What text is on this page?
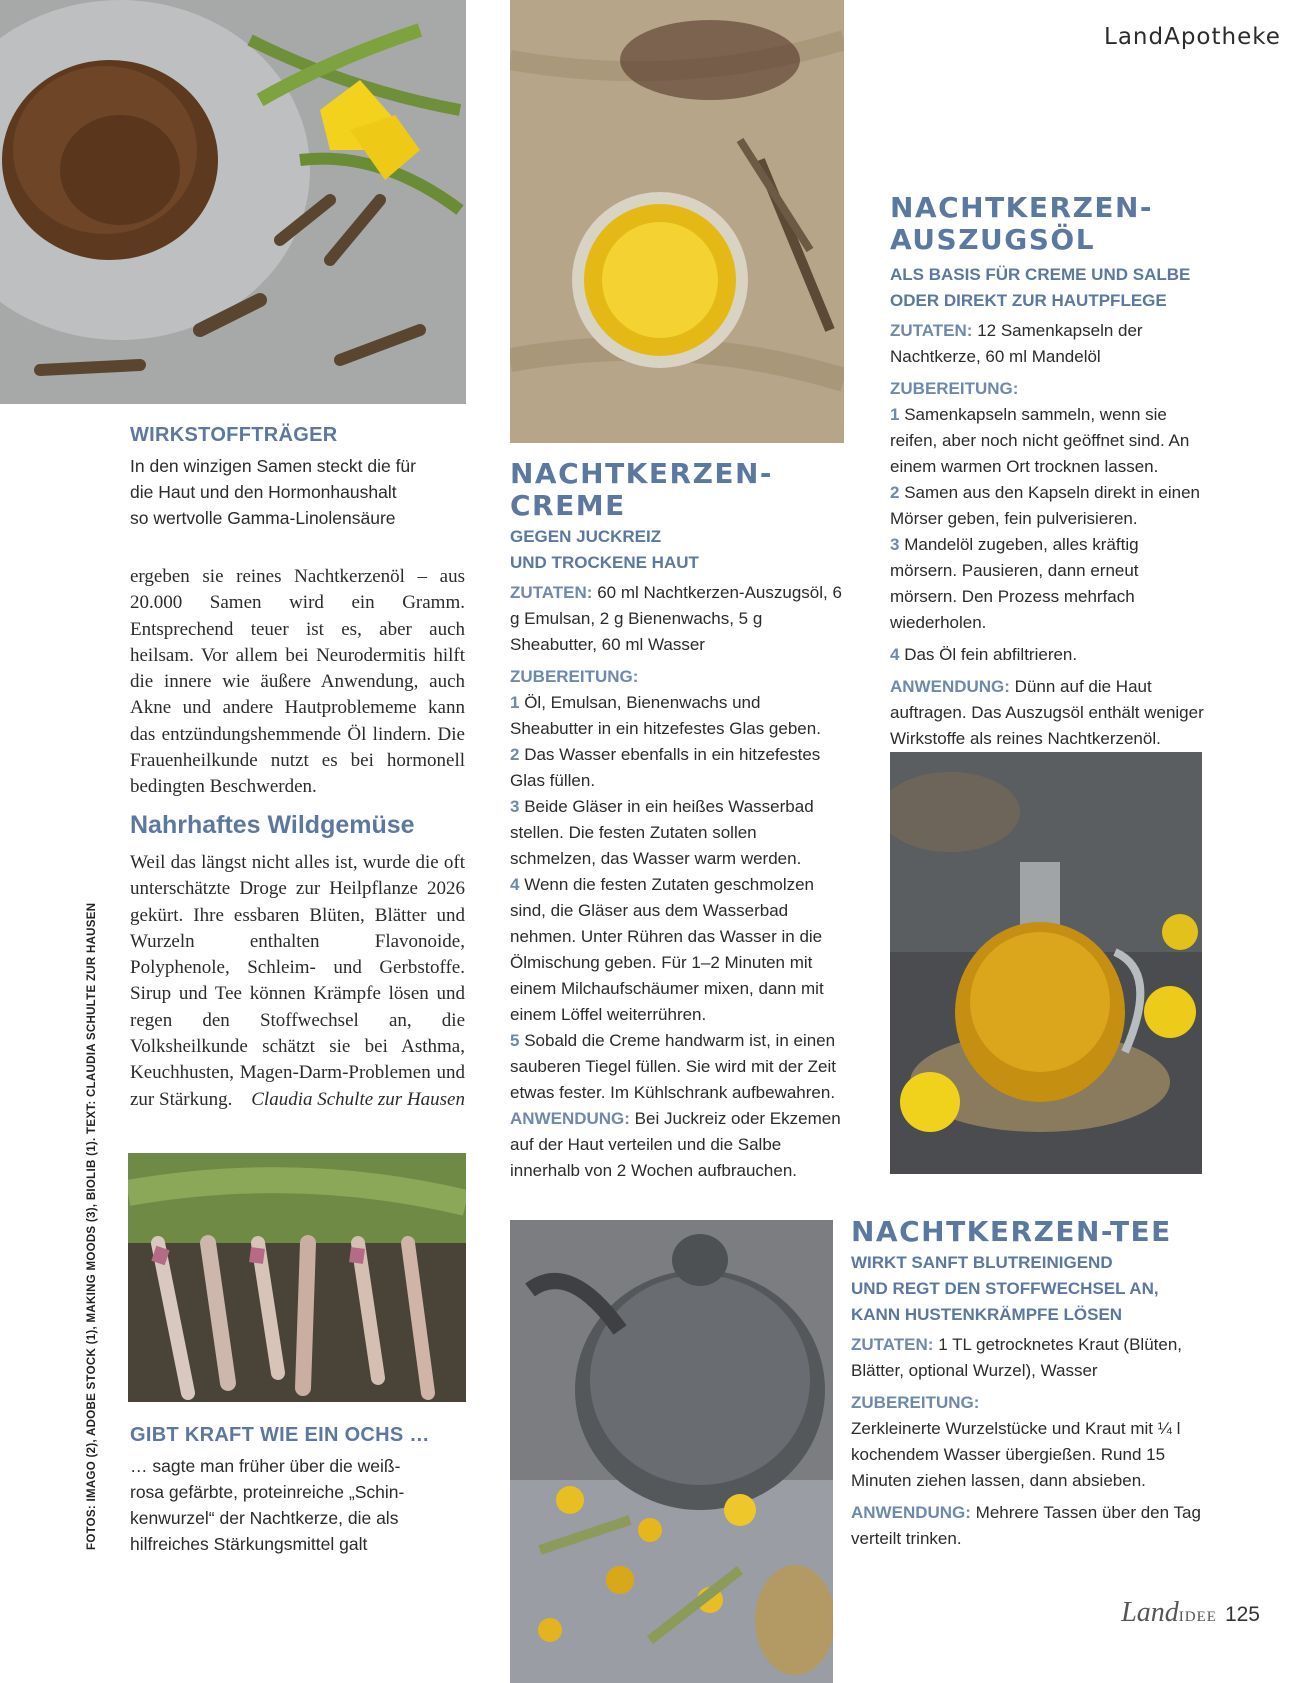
LandApotheke
WIRKSTOFFTRÄGER
In den winzigen Samen steckt die für
die Haut und den Hormonhaushalt
so wertvolle Gamma-Linolensäure

ergeben sie reines Nachtkerzenöl – aus 20.000 Samen wird ein Gramm. Entsprechend teuer ist es, aber auch heilsam. Vor allem bei Neurodermitis hilft die innere wie äußere Anwendung, auch Akne und andere Hautproblememe kann das entzündungshemmende Öl lindern. Die Frauenheilkunde nutzt es bei hormonell bedingten Beschwerden.

Nahrhaftes Wildgemüse

Weil das längst nicht alles ist, wurde die oft unterschätzte Droge zur Heilpflanze 2026 gekürt. Ihre essbaren Blüten, Blätter und Wurzeln enthalten Flavonoide, Polyphenole, Schleim- und Gerbstoffe. Sirup und Tee können Krämpfe lösen und regen den Stoffwechsel an, die Volksheilkunde schätzt sie bei Asthma, Keuchhusten, Magen-Darm-Problemen und zur Stärkung. Claudia Schulte zur Hausen

GIBT KRAFT WIE EIN OCHS …
… sagte man früher über die weiß-
rosa gefärbte, proteinreiche „Schin-
kenwurzel“ der Nachtkerze, die als
hilfreiches Stärkungsmittel galt
FOTOS: IMAGO (2), ADOBE STOCK (1), MAKING MOODS (3), BIOLIB (1). TEXT: CLAUDIA SCHULTE ZUR HAUSEN
NACHTKERZEN-CREME
GEGEN JUCKREIZ
UND TROCKENE HAUT

ZUTATEN: 60 ml Nachtkerzen-Auszugsöl, 6 g Emulsan, 2 g Bienenwachs, 5 g Sheabutter, 60 ml Wasser

ZUBEREITUNG:

1 Öl, Emulsan, Bienenwachs und Sheabutter in ein hitzefestes Glas geben.
2 Das Wasser ebenfalls in ein hitzefestes Glas füllen.
3 Beide Gläser in ein heißes Wasserbad stellen. Die festen Zutaten sollen schmelzen, das Wasser warm werden.
4 Wenn die festen Zutaten geschmolzen sind, die Gläser aus dem Wasserbad nehmen. Unter Rühren das Wasser in die Ölmischung geben. Für 1–2 Minuten mit einem Milchaufschäumer mixen, dann mit einem Löffel weiterrühren.
5 Sobald die Creme handwarm ist, in einen sauberen Tiegel füllen. Sie wird mit der Zeit etwas fester. Im Kühlschrank aufbewahren.
ANWENDUNG: Bei Juckreiz oder Ekzemen auf der Haut verteilen und die Salbe innerhalb von 2 Wochen aufbrauchen.
NACHTKERZEN-
AUSZUGSÖL
ALS BASIS FÜR CREME UND SALBE
ODER DIREKT ZUR HAUTPFLEGE

ZUTATEN: 12 Samenkapseln der Nachtkerze, 60 ml Mandelöl

ZUBEREITUNG:

1 Samenkapseln sammeln, wenn sie reifen, aber noch nicht geöffnet sind. An einem warmen Ort trocknen lassen.
2 Samen aus den Kapseln direkt in einen Mörser geben, fein pulverisieren.
3 Mandelöl zugeben, alles kräftig mörsern. Pausieren, dann erneut mörsern. Den Prozess mehrfach wiederholen.

4 Das Öl fein abfiltrieren.

ANWENDUNG: Dünn auf die Haut auftragen. Das Auszugsöl enthält weniger Wirkstoffe als reines Nachtkerzenöl.
NACHTKERZEN-TEE
WIRKT SANFT BLUTREINIGEND
UND REGT DEN STOFFWECHSEL AN,
KANN HUSTENKRÄMPFE LÖSEN

ZUTATEN: 1 TL getrocknetes Kraut (Blüten, Blätter, optional Wurzel), Wasser

ZUBEREITUNG:

Zerkleinerte Wurzelstücke und Kraut mit ¼ l kochendem Wasser übergießen. Rund 15 Minuten ziehen lassen, dann absieben.

ANWENDUNG: Mehrere Tassen über den Tag verteilt trinken.
LandIDEE 125
